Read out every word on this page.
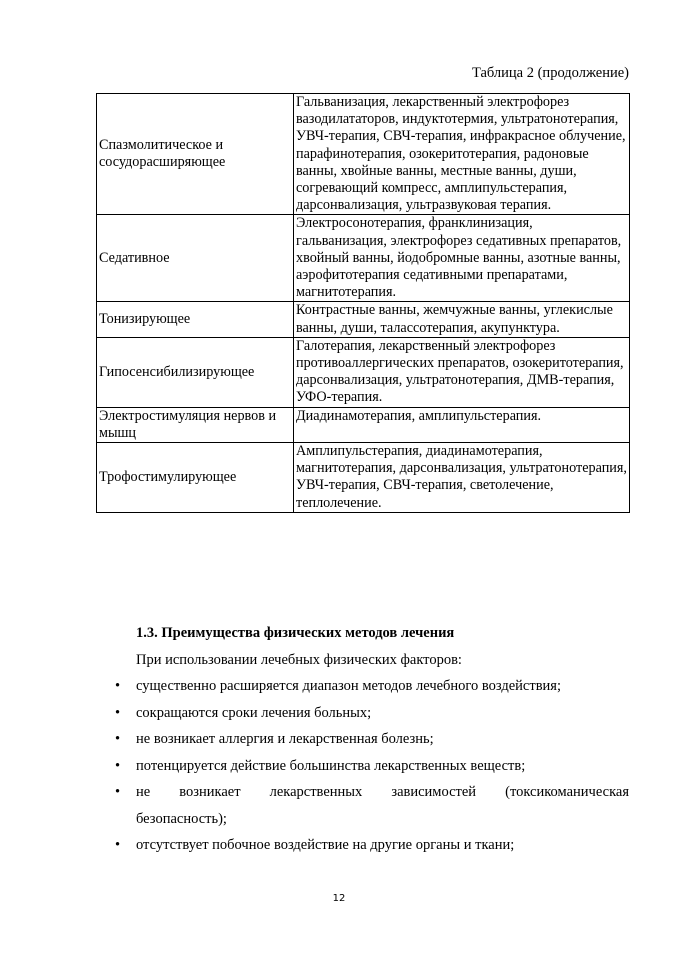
Таблица 2 (продолжение)
Спазмолитическое и сосудорасширяющее	Гальванизация, лекарственный электрофорез вазодилататоров, индуктотермия, ультратонотерапия, УВЧ-терапия, СВЧ-терапия, инфракрасное облучение, парафинотерапия, озокеритотерапия, радоновые ванны, хвойные ванны, местные ванны, души, согревающий компресс, амплипульстерапия, дарсонвализация, ультразвуковая терапия.
Седативное	Электросонотерапия, франклинизация, гальванизация, электрофорез седативных препаратов, хвойный ванны, йодобромные ванны, азотные ванны, аэрофитотерапия седативными препаратами, магнитотерапия.
Тонизирующее	Контрастные ванны, жемчужные ванны, углекислые ванны, души, талассотерапия, акупунктура.
Гипосенсибилизирующее	Галотерапия, лекарственный электрофорез противоаллергических препаратов, озокеритотерапия, дарсонвализация, ультратонотерапия, ДМВ-терапия, УФО-терапия.
Электростимуляция нервов и мышц	Диадинамотерапия, амплипульстерапия.
Трофостимулирующее	Амплипульстерапия, диадинамотерапия, магнитотерапия, дарсонвализация, ультратонотерапия, УВЧ-терапия, СВЧ-терапия, светолечение, теплолечение.
1.3. Преимущества физических методов лечения
При использовании лечебных физических факторов:
• существенно расширяется диапазон методов лечебного воздействия;
• сокращаются сроки лечения больных;
• не возникает аллергия и лекарственная болезнь;
• потенцируется действие большинства лекарственных веществ;
• не возникает лекарственных зависимостей (токсикоманическая
безопасность);
• отсутствует побочное воздействие на другие органы и ткани;
12
